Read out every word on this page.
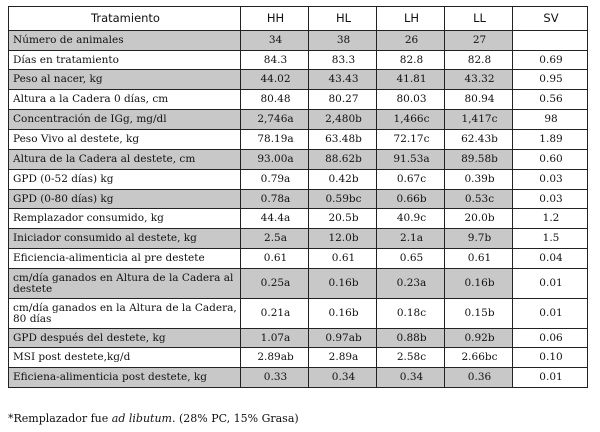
Tratamiento	HH	HL	LH	LL	SV
Número de animales	34	38	26	27	
Días en tratamiento	84.3	83.3	82.8	82.8	0.69
Peso al nacer, kg	44.02	43.43	41.81	43.32	0.95
Altura a la Cadera 0 días, cm	80.48	80.27	80.03	80.94	0.56
Concentración de IGg, mg/dl	2,746a	2,480b	1,466c	1,417c	98
Peso Vivo al destete, kg	78.19a	63.48b	72.17c	62.43b	1.89
Altura de la Cadera al destete, cm	93.00a	88.62b	91.53a	89.58b	0.60
GPD (0-52 días) kg	0.79a	0.42b	0.67c	0.39b	0.03
GPD (0-80 días) kg	0.78a	0.59bc	0.66b	0.53c	0.03
Remplazador consumido, kg	44.4a	20.5b	40.9c	20.0b	1.2
Iniciador consumido al destete, kg	2.5a	12.0b	2.1a	9.7b	1.5
Eficiencia-alimenticia al pre destete	0.61	0.61	0.65	0.61	0.04
cm/día ganados en Altura de la Cadera al destete	0.25a	0.16b	0.23a	0.16b	0.01
cm/día ganados en la Altura de la Cadera, 80 días	0.21a	0.16b	0.18c	0.15b	0.01
GPD después del destete, kg	1.07a	0.97ab	0.88b	0.92b	0.06
MSI post destete,kg/d	2.89ab	2.89a	2.58c	2.66bc	0.10
Eficiena-alimenticia post destete, kg	0.33	0.34	0.34	0.36	0.01
*Remplazador fue ad libutum. (28% PC, 15% Grasa)
